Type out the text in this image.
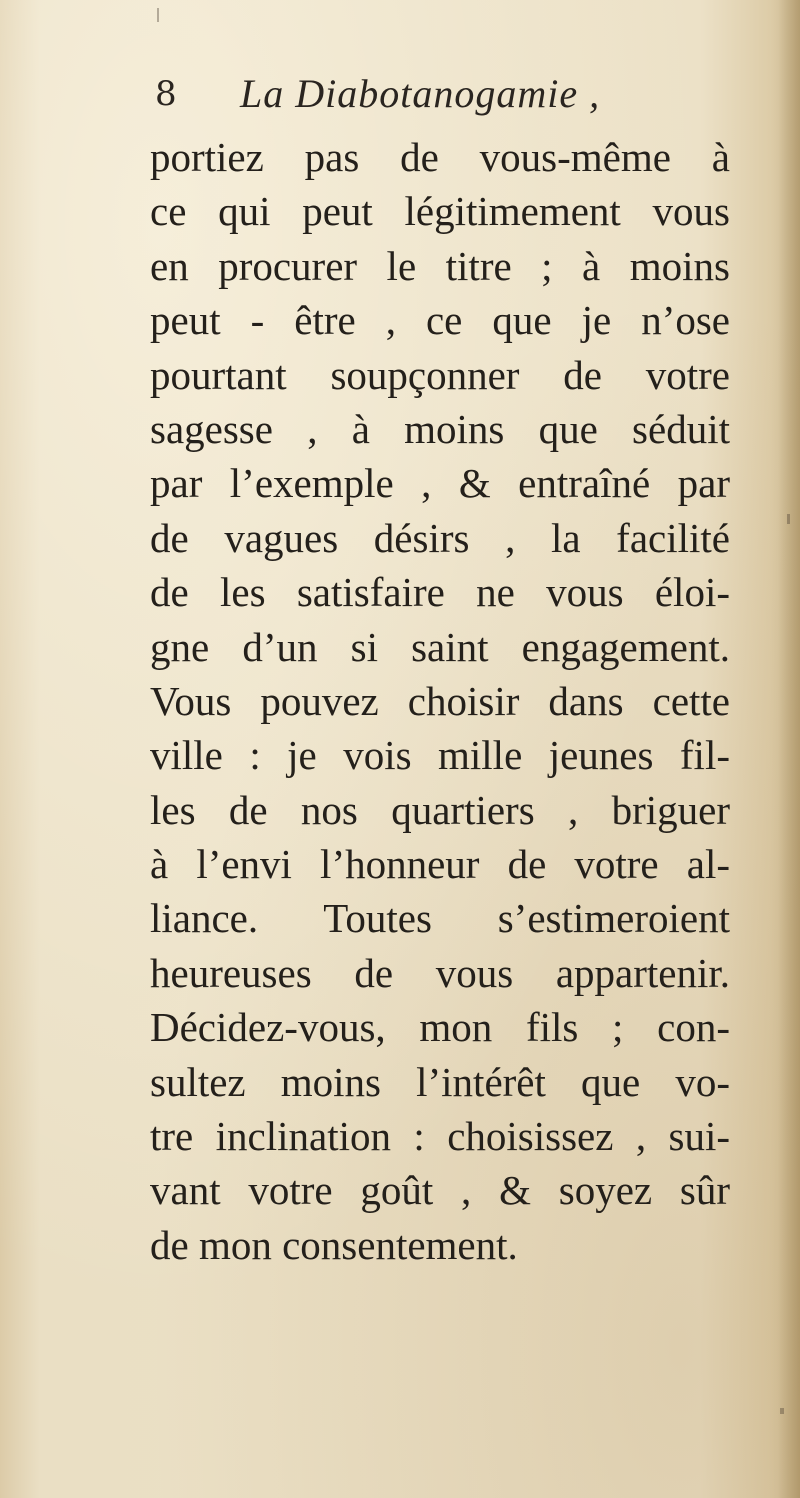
8 La Diabotanogamie ,
portiez pas de vous-même à
ce qui peut légitimement vous
en procurer le titre ; à moins
peut - être , ce que je n’ose
pourtant soupçonner de votre
sagesse , à moins que séduit
par l’exemple , & entraîné par
de vagues désirs , la facilité
de les satisfaire ne vous éloi-
gne d’un si saint engagement.
Vous pouvez choisir dans cette
ville : je vois mille jeunes fil-
les de nos quartiers , briguer
à l’envi l’honneur de votre al-
liance. Toutes s’estimeroient
heureuses de vous appartenir.
Décidez-vous, mon fils ; con-
sultez moins l’intérêt que vo-
tre inclination : choisissez , sui-
vant votre goût , & soyez sûr
de mon consentement.
